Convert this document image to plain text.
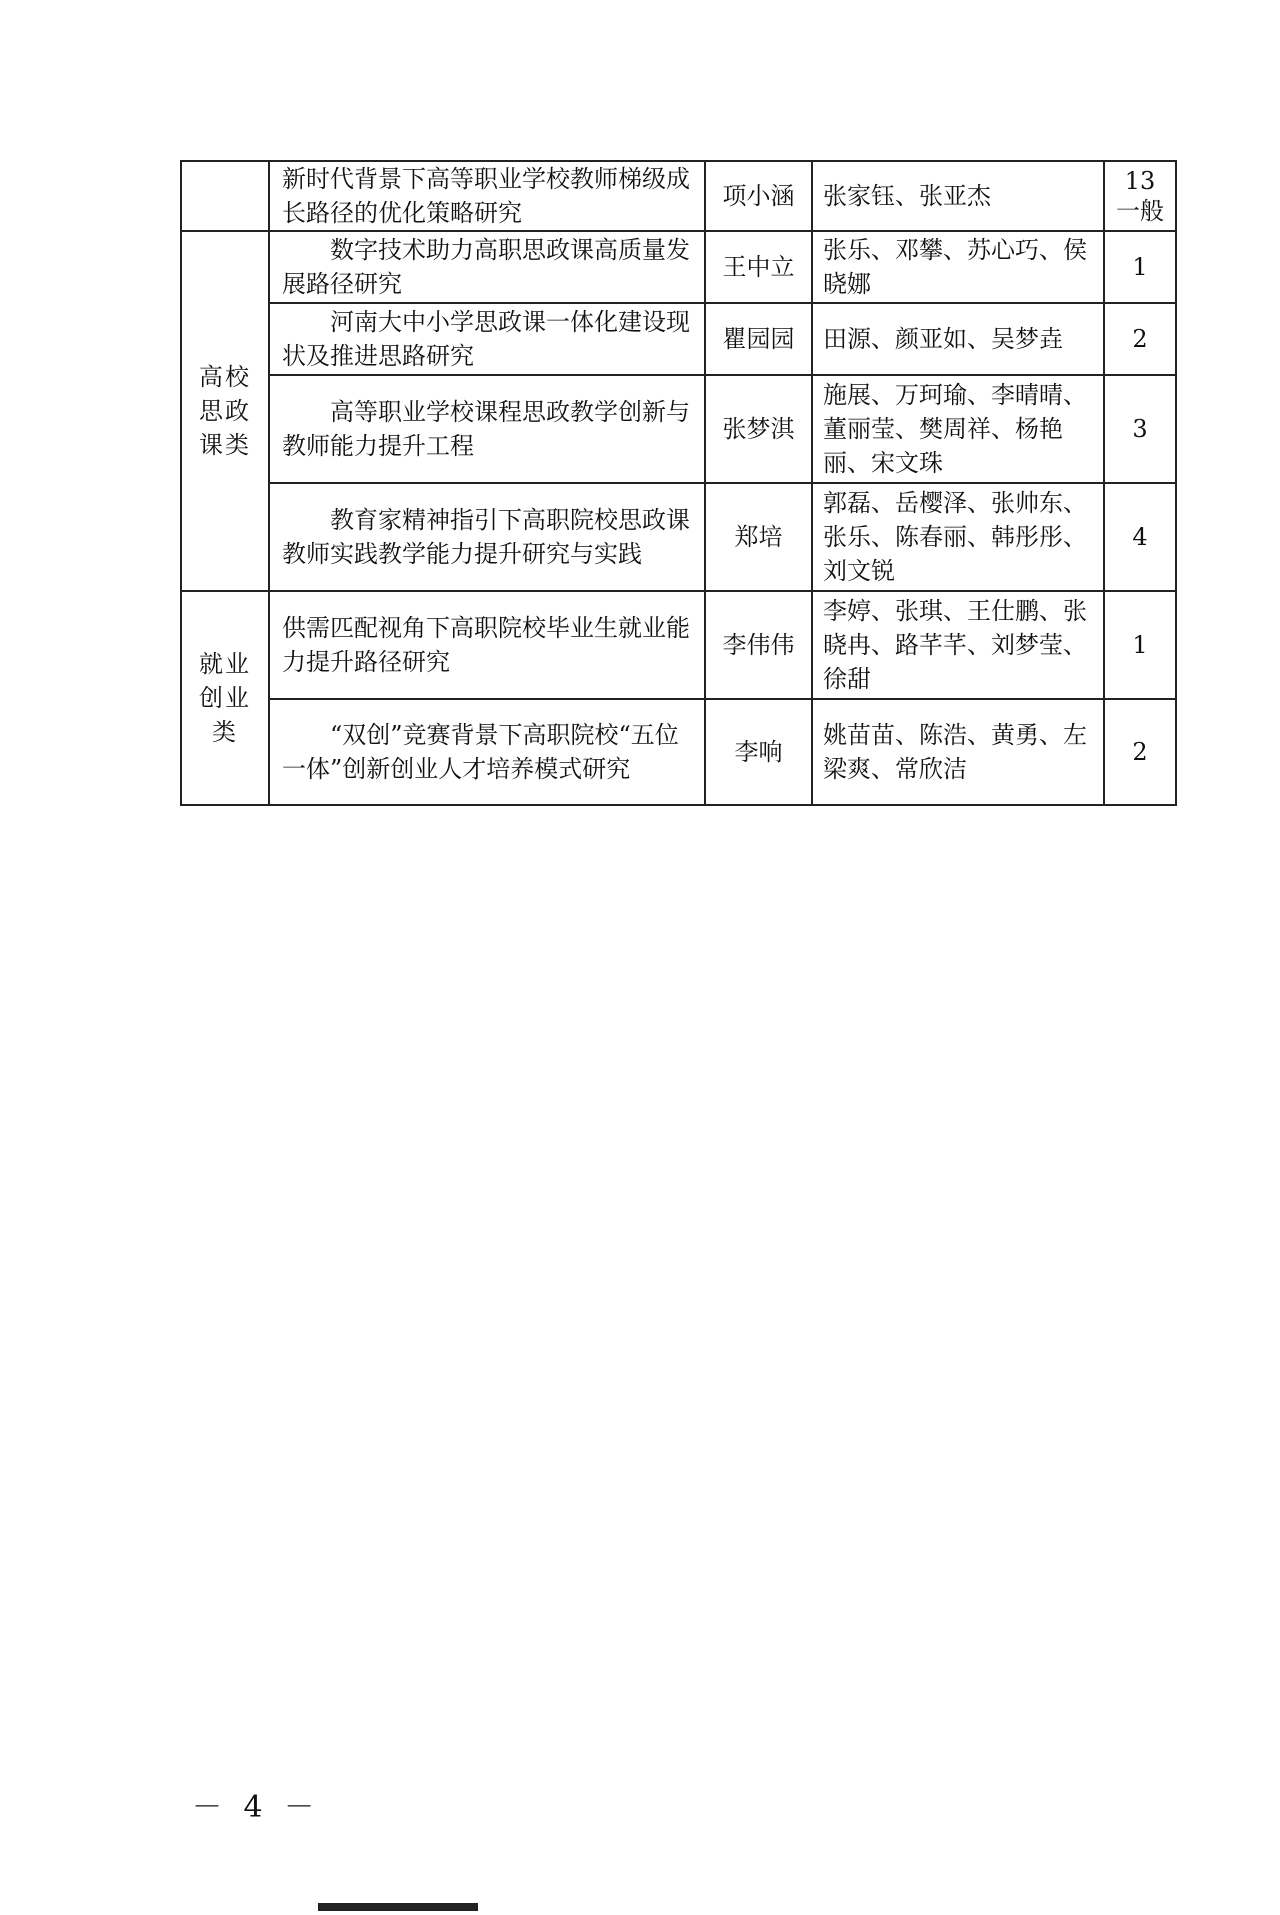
	新时代背景下高等职业学校教师梯级成长路径的优化策略研究	项小涵	张家钰、张亚杰	13
一般
高校思政课类	数字技术助力高职思政课高质量发展路径研究	王中立	张乐、邓攀、苏心巧、侯晓娜	1
	河南大中小学思政课一体化建设现状及推进思路研究	瞿园园	田源、颜亚如、吴梦垚	2
	高等职业学校课程思政教学创新与教师能力提升工程	张梦淇	施展、万珂瑜、李晴晴、董丽莹、樊周祥、杨艳丽、宋文珠	3
	教育家精神指引下高职院校思政课教师实践教学能力提升研究与实践	郑培	郭磊、岳樱泽、张帅东、张乐、陈春丽、韩彤彤、刘文锐	4
就业创业类	供需匹配视角下高职院校毕业生就业能力提升路径研究	李伟伟	李婷、张琪、王仕鹏、张晓冉、路芊芊、刘梦莹、徐甜	1
	“双创”竞赛背景下高职院校“五位一体”创新创业人才培养模式研究	李响	姚苗苗、陈浩、黄勇、左梁爽、常欣洁	2
－ 4 －
